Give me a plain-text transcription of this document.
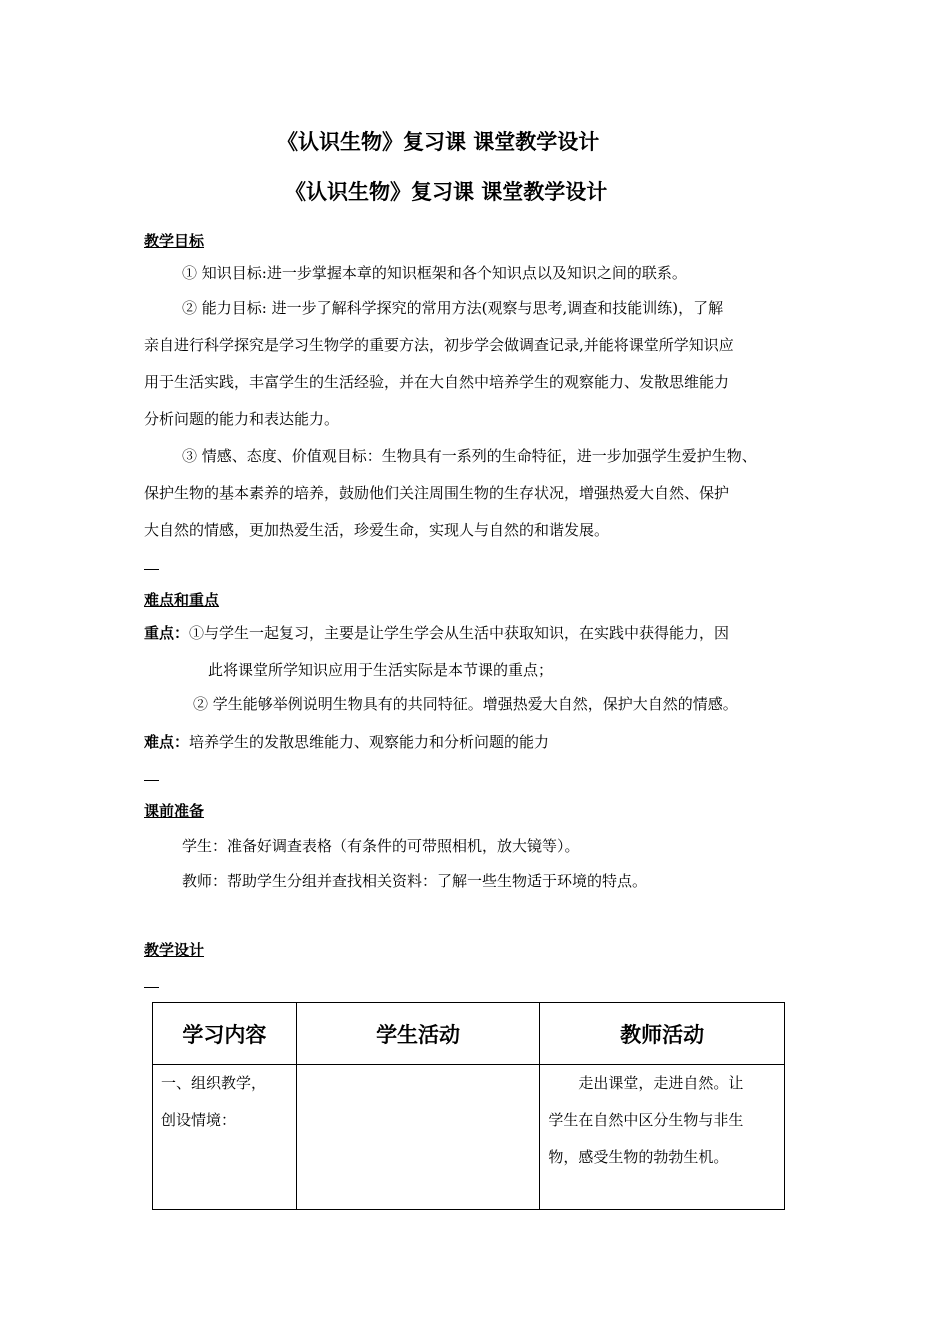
《认识生物》复习课 课堂教学设计
《认识生物》复习课 课堂教学设计
教学目标
① 知识目标:进一步掌握本章的知识框架和各个知识点以及知识之间的联系。
② 能力目标: 进一步了解科学探究的常用方法(观察与思考,调查和技能训练)，了解
亲自进行科学探究是学习生物学的重要方法，初步学会做调查记录,并能将课堂所学知识应
用于生活实践，丰富学生的生活经验，并在大自然中培养学生的观察能力、发散思维能力
分析问题的能力和表达能力。
③ 情感、态度、价值观目标：生物具有一系列的生命特征，进一步加强学生爱护生物、
保护生物的基本素养的培养，鼓励他们关注周围生物的生存状况，增强热爱大自然、保护
大自然的情感，更加热爱生活，珍爱生命，实现人与自然的和谐发展。
难点和重点
重点：①与学生一起复习，主要是让学生学会从生活中获取知识，在实践中获得能力，因
此将课堂所学知识应用于生活实际是本节课的重点；
② 学生能够举例说明生物具有的共同特征。增强热爱大自然，保护大自然的情感。
难点：培养学生的发散思维能力、观察能力和分析问题的能力
课前准备
学生：准备好调查表格（有条件的可带照相机，放大镜等）。
教师：帮助学生分组并查找相关资料：了解一些生物适于环境的特点。
教学设计
学习内容	学生活动	教师活动

一、组织教学，
创设情境：		走出课堂，走进自然。让
学生在自然中区分生物与非生
物，感受生物的勃勃生机。
